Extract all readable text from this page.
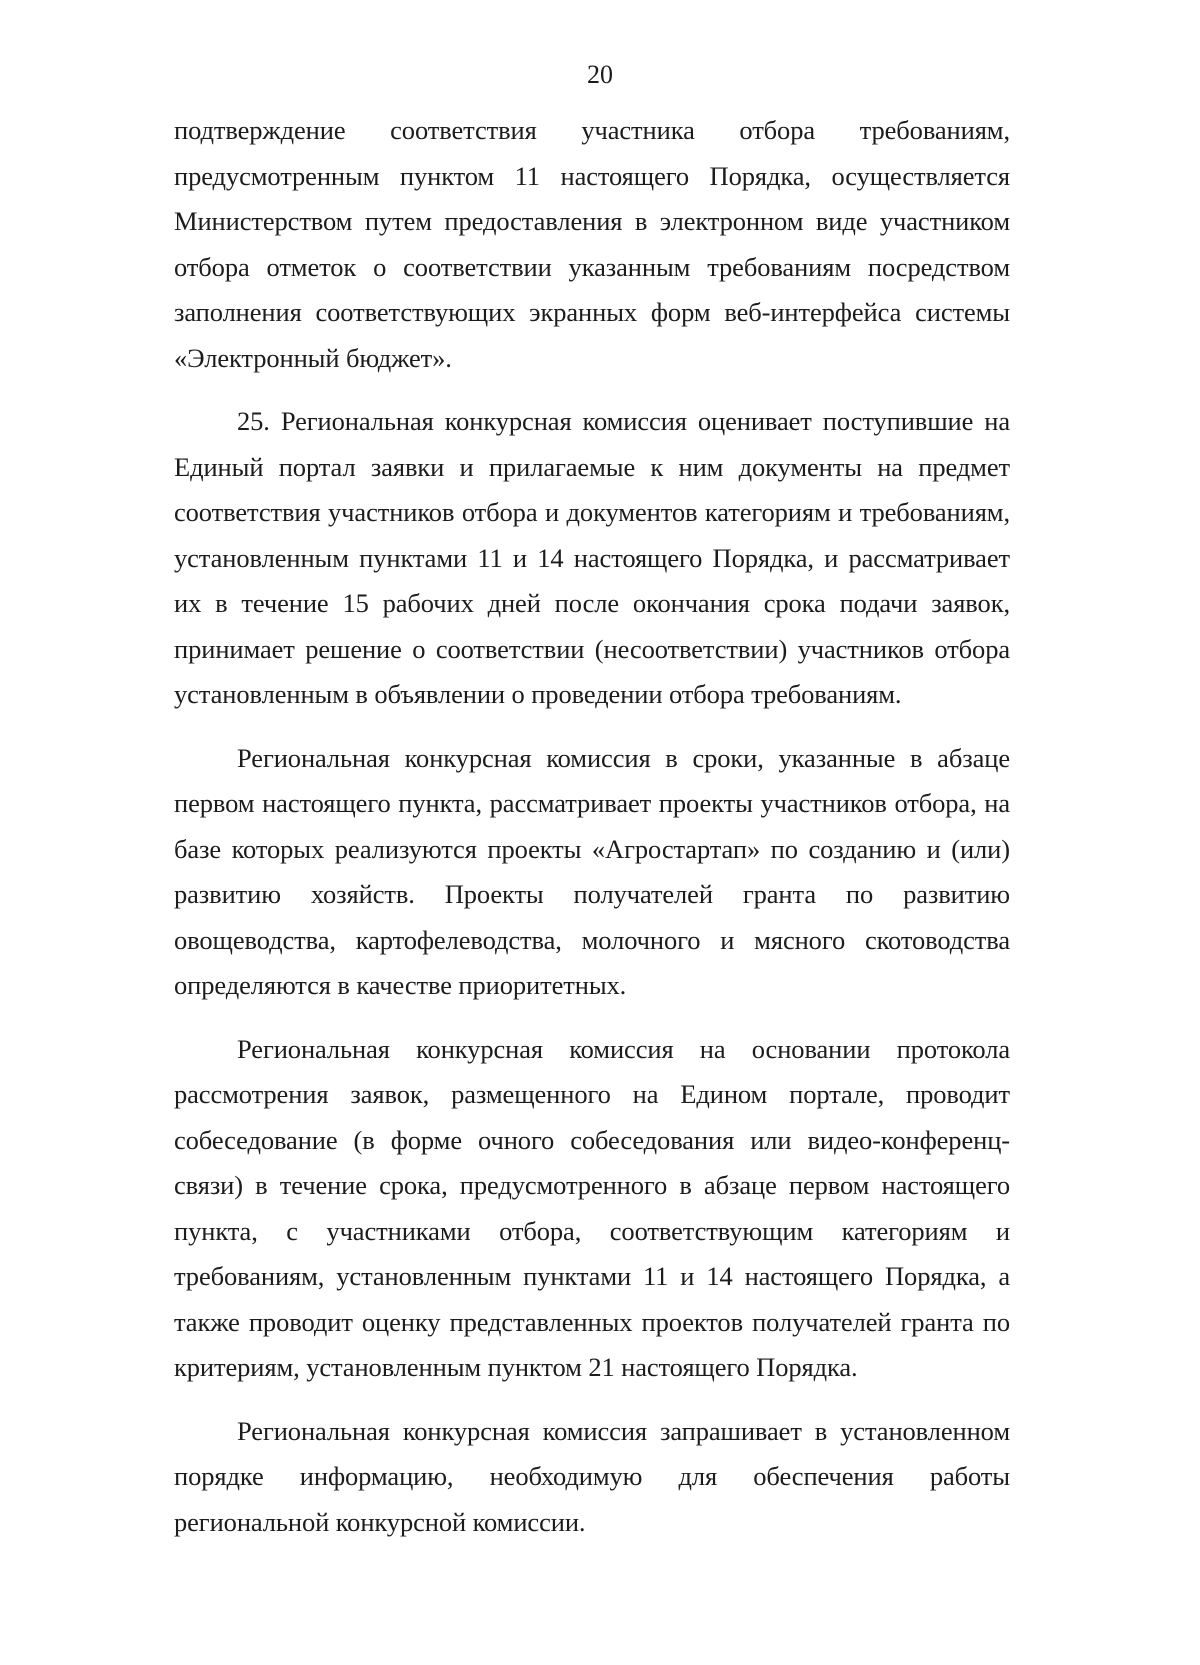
20

подтверждение соответствия участника отбора требованиям, предусмотренным пунктом 11 настоящего Порядка, осуществляется Министерством путем предоставления в электронном виде участником отбора отметок о соответствии указанным требованиям посредством заполнения соответствующих экранных форм веб-интерфейса системы «Электронный бюджет».

25. Региональная конкурсная комиссия оценивает поступившие на Единый портал заявки и прилагаемые к ним документы на предмет соответствия участников отбора и документов категориям и требованиям, установленным пунктами 11 и 14 настоящего Порядка, и рассматривает их в течение 15 рабочих дней после окончания срока подачи заявок, принимает решение о соответствии (несоответствии) участников отбора установленным в объявлении о проведении отбора требованиям.

Региональная конкурсная комиссия в сроки, указанные в абзаце первом настоящего пункта, рассматривает проекты участников отбора, на базе которых реализуются проекты «Агростартап» по созданию и (или) развитию хозяйств. Проекты получателей гранта по развитию овощеводства, картофелеводства, молочного и мясного скотоводства определяются в качестве приоритетных.

Региональная конкурсная комиссия на основании протокола рассмотрения заявок, размещенного на Едином портале, проводит собеседование (в форме очного собеседования или видео-конференц-связи) в течение срока, предусмотренного в абзаце первом настоящего пункта, с участниками отбора, соответствующим категориям и требованиям, установленным пунктами 11 и 14 настоящего Порядка, а также проводит оценку представленных проектов получателей гранта по критериям, установленным пунктом 21 настоящего Порядка.

Региональная конкурсная комиссия запрашивает в установленном порядке информацию, необходимую для обеспечения работы региональной конкурсной комиссии.
